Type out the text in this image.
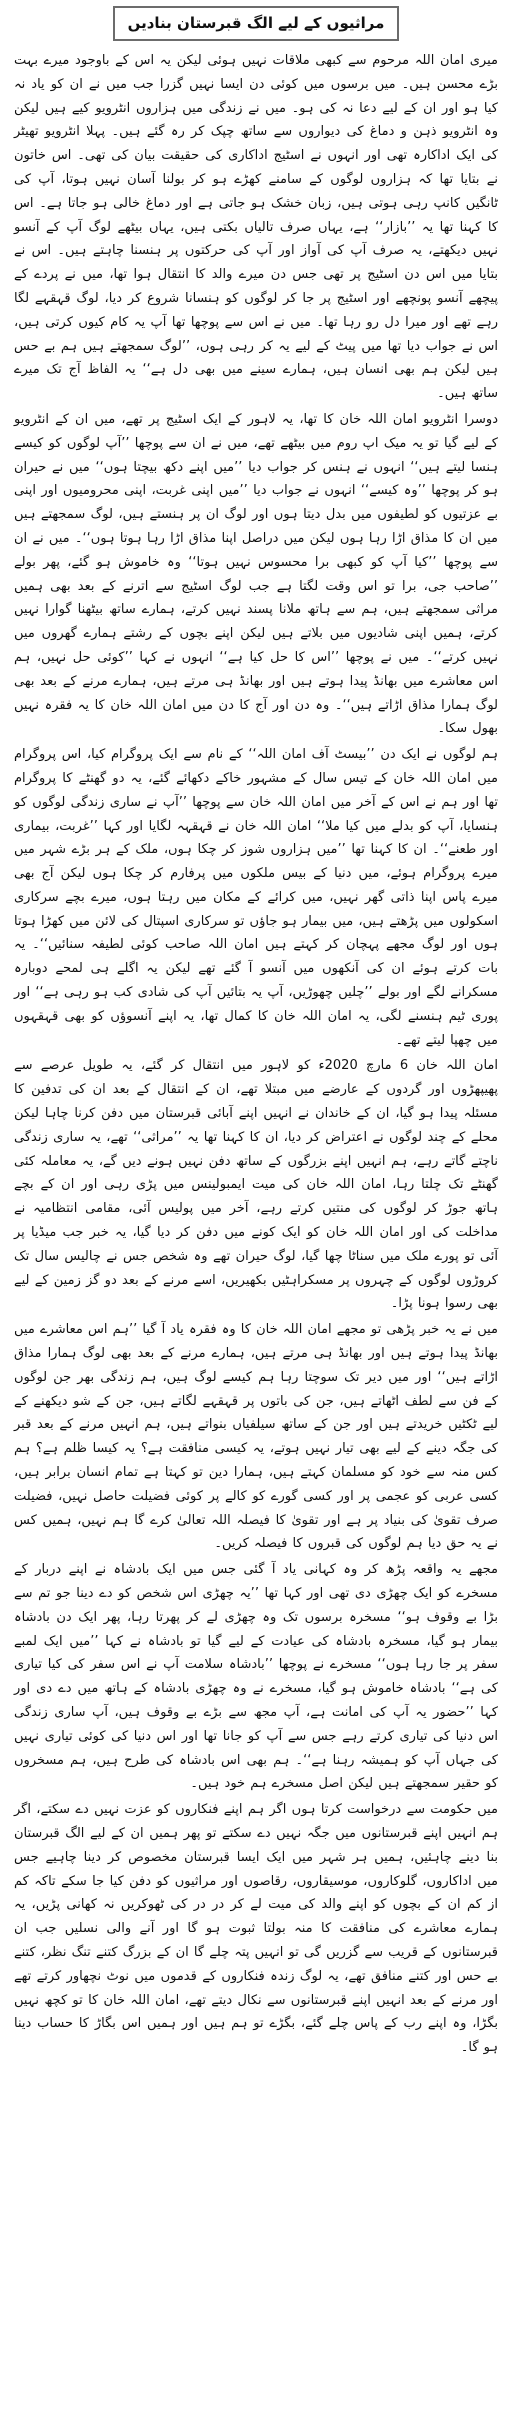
مراثیوں کے لیے الگ قبرستان بنادیں

میری امان اللہ مرحوم سے کبھی ملاقات نہیں ہوئی لیکن یہ اس کے باوجود میرے بہت بڑے محسن ہیں۔ میں برسوں میں کوئی دن ایسا نہیں گزرا جب میں نے ان کو یاد نہ کیا ہو اور ان کے لیے دعا نہ کی ہو۔ میں نے زندگی میں ہزاروں انٹرویو کیے ہیں لیکن وہ انٹرویو ذہن و دماغ کی دیواروں سے ساتھ چپک کر رہ گئے ہیں۔ پہلا انٹرویو تھیٹر کی ایک اداکارہ تھی اور انہوں نے اسٹیج اداکاری کی حقیقت بیان کی تھی۔ اس خاتون نے بتایا تھا کہ ہزاروں لوگوں کے سامنے کھڑے ہو کر بولنا آسان نہیں ہوتا، آپ کی ٹانگیں کانپ رہی ہوتی ہیں، زبان خشک ہو جاتی ہے اور دماغ خالی ہو جاتا ہے۔ اس کا کہنا تھا یہ ’’بازار‘‘ ہے، یہاں صرف تالیاں بکتی ہیں، یہاں بیٹھے لوگ آپ کے آنسو نہیں دیکھتے، یہ صرف آپ کی آواز اور آپ کی حرکتوں پر ہنسنا چاہتے ہیں۔ اس نے بتایا میں اس دن اسٹیج پر تھی جس دن میرے والد کا انتقال ہوا تھا، میں نے پردے کے پیچھے آنسو پونچھے اور اسٹیج پر جا کر لوگوں کو ہنسانا شروع کر دیا، لوگ قہقہے لگا رہے تھے اور میرا دل رو رہا تھا۔ میں نے اس سے پوچھا تھا آپ یہ کام کیوں کرتی ہیں، اس نے جواب دیا تھا میں پیٹ کے لیے یہ کر رہی ہوں، ’’لوگ سمجھتے ہیں ہم بے حس ہیں لیکن ہم بھی انسان ہیں، ہمارے سینے میں بھی دل ہے‘‘ یہ الفاظ آج تک میرے ساتھ ہیں۔

دوسرا انٹرویو امان اللہ خان کا تھا، یہ لاہور کے ایک اسٹیج پر تھے، میں ان کے انٹرویو کے لیے گیا تو یہ میک اپ روم میں بیٹھے تھے، میں نے ان سے پوچھا ’’آپ لوگوں کو کیسے ہنسا لیتے ہیں‘‘ انہوں نے ہنس کر جواب دیا ’’میں اپنے دکھ بیچتا ہوں‘‘ میں نے حیران ہو کر پوچھا ’’وہ کیسے‘‘ انہوں نے جواب دیا ’’میں اپنی غربت، اپنی محرومیوں اور اپنی بے عزتیوں کو لطیفوں میں بدل دیتا ہوں اور لوگ ان پر ہنستے ہیں، لوگ سمجھتے ہیں میں ان کا مذاق اڑا رہا ہوں لیکن میں دراصل اپنا مذاق اڑا رہا ہوتا ہوں‘‘۔ میں نے ان سے پوچھا ’’کیا آپ کو کبھی برا محسوس نہیں ہوتا‘‘ وہ خاموش ہو گئے، پھر بولے ’’صاحب جی، برا تو اس وقت لگتا ہے جب لوگ اسٹیج سے اترنے کے بعد بھی ہمیں مراثی سمجھتے ہیں، ہم سے ہاتھ ملانا پسند نہیں کرتے، ہمارے ساتھ بیٹھنا گوارا نہیں کرتے، ہمیں اپنی شادیوں میں بلاتے ہیں لیکن اپنے بچوں کے رشتے ہمارے گھروں میں نہیں کرتے‘‘۔ میں نے پوچھا ’’اس کا حل کیا ہے‘‘ انہوں نے کہا ’’کوئی حل نہیں، ہم اس معاشرے میں بھانڈ پیدا ہوتے ہیں اور بھانڈ ہی مرتے ہیں، ہمارے مرنے کے بعد بھی لوگ ہمارا مذاق اڑاتے ہیں‘‘۔ وہ دن اور آج کا دن میں امان اللہ خان کا یہ فقرہ نہیں بھول سکا۔

ہم لوگوں نے ایک دن ’’بیسٹ آف امان اللہ‘‘ کے نام سے ایک پروگرام کیا، اس پروگرام میں امان اللہ خان کے تیس سال کے مشہور خاکے دکھائے گئے، یہ دو گھنٹے کا پروگرام تھا اور ہم نے اس کے آخر میں امان اللہ خان سے پوچھا ’’آپ نے ساری زندگی لوگوں کو ہنسایا، آپ کو بدلے میں کیا ملا‘‘ امان اللہ خان نے قہقہہ لگایا اور کہا ’’غربت، بیماری اور طعنے‘‘۔ ان کا کہنا تھا ’’میں ہزاروں شوز کر چکا ہوں، ملک کے ہر بڑے شہر میں میرے پروگرام ہوئے، میں دنیا کے بیس ملکوں میں پرفارم کر چکا ہوں لیکن آج بھی میرے پاس اپنا ذاتی گھر نہیں، میں کرائے کے مکان میں رہتا ہوں، میرے بچے سرکاری اسکولوں میں پڑھتے ہیں، میں بیمار ہو جاؤں تو سرکاری اسپتال کی لائن میں کھڑا ہوتا ہوں اور لوگ مجھے پہچان کر کہتے ہیں امان اللہ صاحب کوئی لطیفہ سنائیں‘‘۔ یہ بات کرتے ہوئے ان کی آنکھوں میں آنسو آ گئے تھے لیکن یہ اگلے ہی لمحے دوبارہ مسکرانے لگے اور بولے ’’چلیں چھوڑیں، آپ یہ بتائیں آپ کی شادی کب ہو رہی ہے‘‘ اور پوری ٹیم ہنسنے لگی، یہ امان اللہ خان کا کمال تھا، یہ اپنے آنسوؤں کو بھی قہقہوں میں چھپا لیتے تھے۔

امان اللہ خان 6 مارچ 2020ء کو لاہور میں انتقال کر گئے، یہ طویل عرصے سے پھیپھڑوں اور گردوں کے عارضے میں مبتلا تھے، ان کے انتقال کے بعد ان کی تدفین کا مسئلہ پیدا ہو گیا، ان کے خاندان نے انہیں اپنے آبائی قبرستان میں دفن کرنا چاہا لیکن محلے کے چند لوگوں نے اعتراض کر دیا، ان کا کہنا تھا یہ ’’مراثی‘‘ تھے، یہ ساری زندگی ناچتے گاتے رہے، ہم انہیں اپنے بزرگوں کے ساتھ دفن نہیں ہونے دیں گے، یہ معاملہ کئی گھنٹے تک چلتا رہا، امان اللہ خان کی میت ایمبولینس میں پڑی رہی اور ان کے بچے ہاتھ جوڑ کر لوگوں کی منتیں کرتے رہے، آخر میں پولیس آئی، مقامی انتظامیہ نے مداخلت کی اور امان اللہ خان کو ایک کونے میں دفن کر دیا گیا، یہ خبر جب میڈیا پر آئی تو پورے ملک میں سناٹا چھا گیا، لوگ حیران تھے وہ شخص جس نے چالیس سال تک کروڑوں لوگوں کے چہروں پر مسکراہٹیں بکھیریں، اسے مرنے کے بعد دو گز زمین کے لیے بھی رسوا ہونا پڑا۔

میں نے یہ خبر پڑھی تو مجھے امان اللہ خان کا وہ فقرہ یاد آ گیا ’’ہم اس معاشرے میں بھانڈ پیدا ہوتے ہیں اور بھانڈ ہی مرتے ہیں، ہمارے مرنے کے بعد بھی لوگ ہمارا مذاق اڑاتے ہیں‘‘ اور میں دیر تک سوچتا رہا ہم کیسے لوگ ہیں، ہم زندگی بھر جن لوگوں کے فن سے لطف اٹھاتے ہیں، جن کی باتوں پر قہقہے لگاتے ہیں، جن کے شو دیکھنے کے لیے ٹکٹیں خریدتے ہیں اور جن کے ساتھ سیلفیاں بنواتے ہیں، ہم انہیں مرنے کے بعد قبر کی جگہ دینے کے لیے بھی تیار نہیں ہوتے، یہ کیسی منافقت ہے؟ یہ کیسا ظلم ہے؟ ہم کس منہ سے خود کو مسلمان کہتے ہیں، ہمارا دین تو کہتا ہے تمام انسان برابر ہیں، کسی عربی کو عجمی پر اور کسی گورے کو کالے پر کوئی فضیلت حاصل نہیں، فضیلت صرف تقویٰ کی بنیاد پر ہے اور تقویٰ کا فیصلہ اللہ تعالیٰ کرے گا ہم نہیں، ہمیں کس نے یہ حق دیا ہم لوگوں کی قبروں کا فیصلہ کریں۔

مجھے یہ واقعہ پڑھ کر وہ کہانی یاد آ گئی جس میں ایک بادشاہ نے اپنے دربار کے مسخرے کو ایک چھڑی دی تھی اور کہا تھا ’’یہ چھڑی اس شخص کو دے دینا جو تم سے بڑا بے وقوف ہو‘‘ مسخرہ برسوں تک وہ چھڑی لے کر پھرتا رہا، پھر ایک دن بادشاہ بیمار ہو گیا، مسخرہ بادشاہ کی عیادت کے لیے گیا تو بادشاہ نے کہا ’’میں ایک لمبے سفر پر جا رہا ہوں‘‘ مسخرے نے پوچھا ’’بادشاہ سلامت آپ نے اس سفر کی کیا تیاری کی ہے‘‘ بادشاہ خاموش ہو گیا، مسخرے نے وہ چھڑی بادشاہ کے ہاتھ میں دے دی اور کہا ’’حضور یہ آپ کی امانت ہے، آپ مجھ سے بڑے بے وقوف ہیں، آپ ساری زندگی اس دنیا کی تیاری کرتے رہے جس سے آپ کو جانا تھا اور اس دنیا کی کوئی تیاری نہیں کی جہاں آپ کو ہمیشہ رہنا ہے‘‘۔ ہم بھی اس بادشاہ کی طرح ہیں، ہم مسخروں کو حقیر سمجھتے ہیں لیکن اصل مسخرے ہم خود ہیں۔

میں حکومت سے درخواست کرتا ہوں اگر ہم اپنے فنکاروں کو عزت نہیں دے سکتے، اگر ہم انہیں اپنے قبرستانوں میں جگہ نہیں دے سکتے تو پھر ہمیں ان کے لیے الگ قبرستان بنا دینے چاہئیں، ہمیں ہر شہر میں ایک ایسا قبرستان مخصوص کر دینا چاہیے جس میں اداکاروں، گلوکاروں، موسیقاروں، رقاصوں اور مراثیوں کو دفن کیا جا سکے تاکہ کم از کم ان کے بچوں کو اپنے والد کی میت لے کر در در کی ٹھوکریں نہ کھانی پڑیں، یہ ہمارے معاشرے کی منافقت کا منہ بولتا ثبوت ہو گا اور آنے والی نسلیں جب ان قبرستانوں کے قریب سے گزریں گی تو انہیں پتہ چلے گا ان کے بزرگ کتنے تنگ نظر، کتنے بے حس اور کتنے منافق تھے، یہ لوگ زندہ فنکاروں کے قدموں میں نوٹ نچھاور کرتے تھے اور مرنے کے بعد انہیں اپنے قبرستانوں سے نکال دیتے تھے، امان اللہ خان کا تو کچھ نہیں بگڑا، وہ اپنے رب کے پاس چلے گئے، بگڑے تو ہم ہیں اور ہمیں اس بگاڑ کا حساب دینا ہو گا۔
